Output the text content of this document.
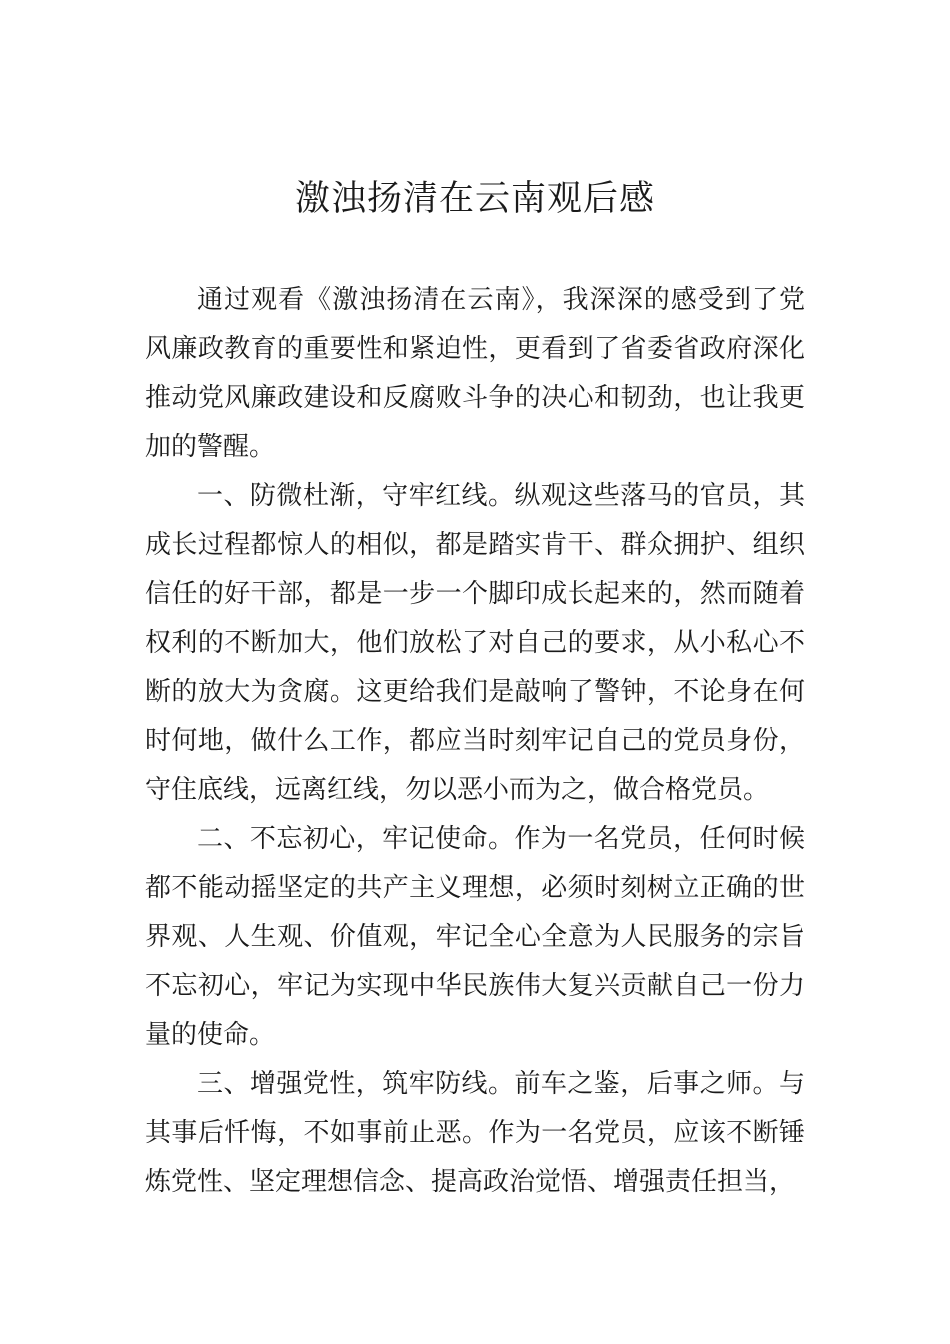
激浊扬清在云南观后感

通过观看《激浊扬清在云南》，我深深的感受到了党风廉政教育的重要性和紧迫性，更看到了省委省政府深化推动党风廉政建设和反腐败斗争的决心和韧劲，也让我更加的警醒。

一、防微杜渐，守牢红线。纵观这些落马的官员，其成长过程都惊人的相似，都是踏实肯干、群众拥护、组织信任的好干部，都是一步一个脚印成长起来的，然而随着权利的不断加大，他们放松了对自己的要求，从小私心不断的放大为贪腐。这更给我们是敲响了警钟，不论身在何时何地，做什么工作，都应当时刻牢记自己的党员身份，守住底线，远离红线，勿以恶小而为之，做合格党员。

二、不忘初心，牢记使命。作为一名党员，任何时候都不能动摇坚定的共产主义理想，必须时刻树立正确的世界观、人生观、价值观，牢记全心全意为人民服务的宗旨不忘初心，牢记为实现中华民族伟大复兴贡献自己一份力量的使命。

三、增强党性，筑牢防线。前车之鉴，后事之师。与其事后忏悔，不如事前止恶。作为一名党员，应该不断锤炼党性、坚定理想信念、提高政治觉悟、增强责任担当，
